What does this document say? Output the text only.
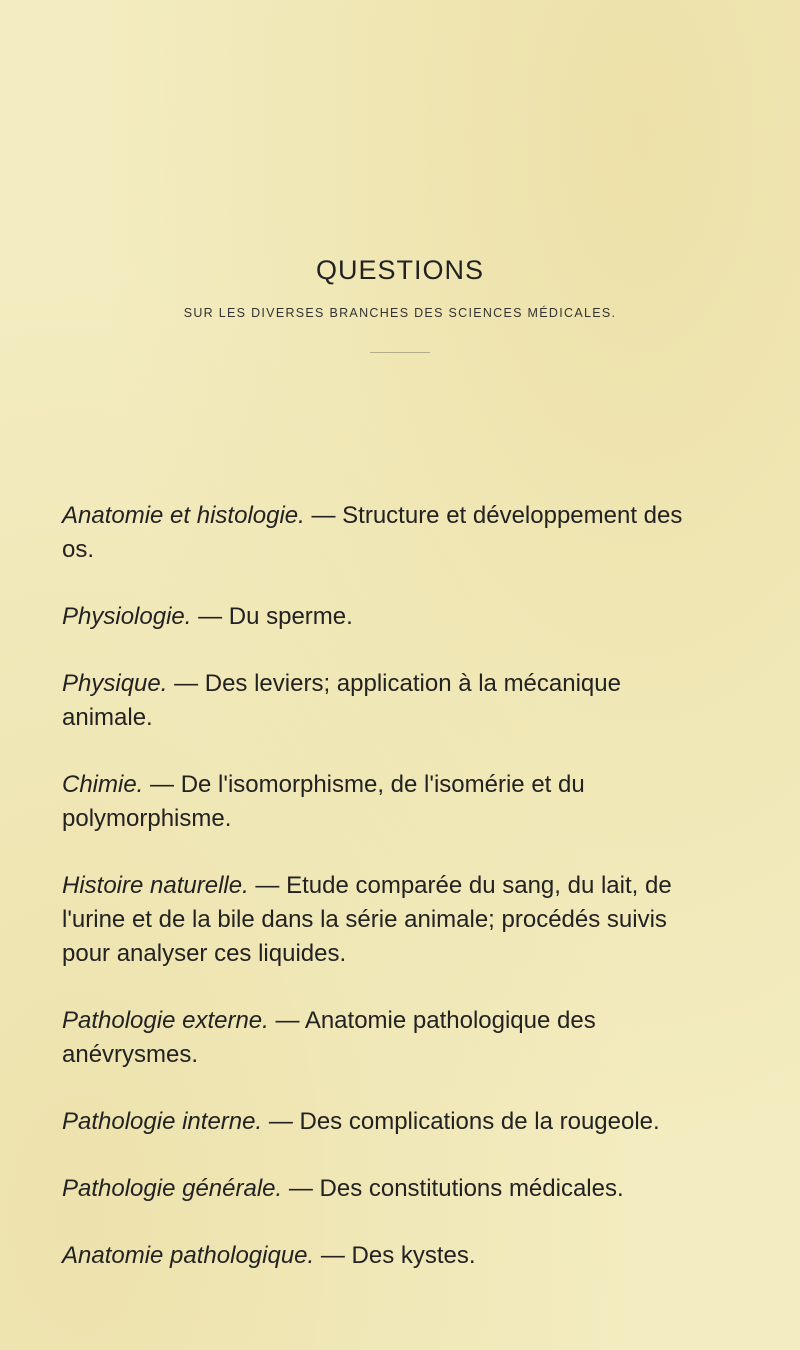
QUESTIONS
SUR LES DIVERSES BRANCHES DES SCIENCES MÉDICALES.

Anatomie et histologie. — Structure et développement des os.

Physiologie. — Du sperme.

Physique. — Des leviers; application à la mécanique animale.

Chimie. — De l'isomorphisme, de l'isomérie et du polymorphisme.

Histoire naturelle. — Etude comparée du sang, du lait, de l'urine et de la bile dans la série animale; procédés suivis pour analyser ces liquides.

Pathologie externe. — Anatomie pathologique des anévrysmes.

Pathologie interne. — Des complications de la rougeole.

Pathologie générale. — Des constitutions médicales.

Anatomie pathologique. — Des kystes.
